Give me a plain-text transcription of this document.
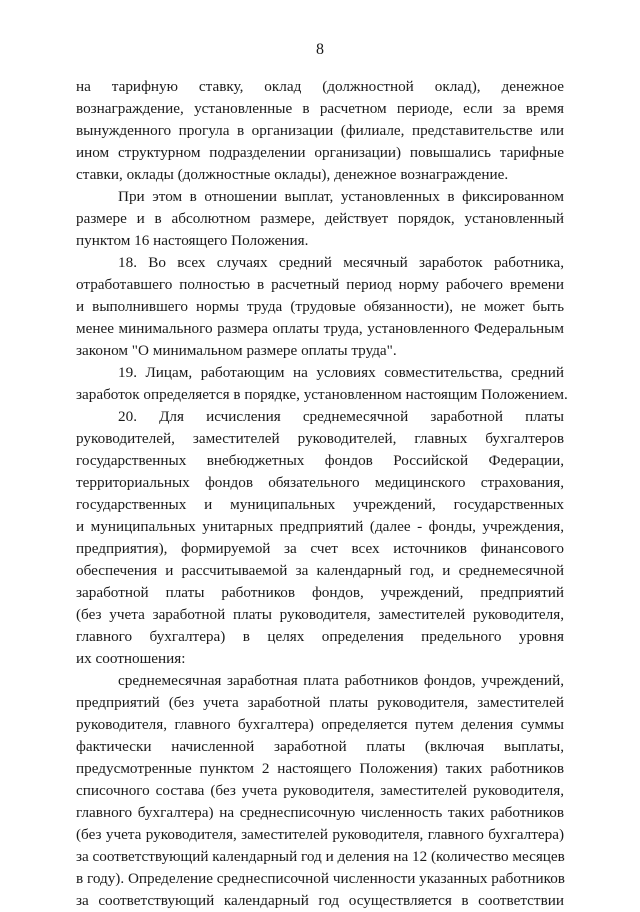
8

на тарифную ставку, оклад (должностной оклад), денежное
вознаграждение, установленные в расчетном периоде, если за время
вынужденного прогула в организации (филиале, представительстве или
ином структурном подразделении организации) повышались тарифные
ставки, оклады (должностные оклады), денежное вознаграждение.

При этом в отношении выплат, установленных в фиксированном
размере и в абсолютном размере, действует порядок, установленный
пунктом 16 настоящего Положения.

18. Во всех случаях средний месячный заработок работника,
отработавшего полностью в расчетный период норму рабочего времени
и выполнившего нормы труда (трудовые обязанности), не может быть
менее минимального размера оплаты труда, установленного Федеральным
законом "О минимальном размере оплаты труда".

19. Лицам, работающим на условиях совместительства, средний
заработок определяется в порядке, установленном настоящим Положением.

20. Для исчисления среднемесячной заработной платы
руководителей, заместителей руководителей, главных бухгалтеров
государственных внебюджетных фондов Российской Федерации,
территориальных фондов обязательного медицинского страхования,
государственных и муниципальных учреждений, государственных
и муниципальных унитарных предприятий (далее - фонды, учреждения,
предприятия), формируемой за счет всех источников финансового
обеспечения и рассчитываемой за календарный год, и среднемесячной
заработной платы работников фондов, учреждений, предприятий
(без учета заработной платы руководителя, заместителей руководителя,
главного бухгалтера) в целях определения предельного уровня
их соотношения:

среднемесячная заработная плата работников фондов, учреждений,
предприятий (без учета заработной платы руководителя, заместителей
руководителя, главного бухгалтера) определяется путем деления суммы
фактически начисленной заработной платы (включая выплаты,
предусмотренные пунктом 2 настоящего Положения) таких работников
списочного состава (без учета руководителя, заместителей руководителя,
главного бухгалтера) на среднесписочную численность таких работников
(без учета руководителя, заместителей руководителя, главного бухгалтера)
за соответствующий календарный год и деления на 12 (количество месяцев
в году). Определение среднесписочной численности указанных работников
за соответствующий календарный год осуществляется в соответствии
